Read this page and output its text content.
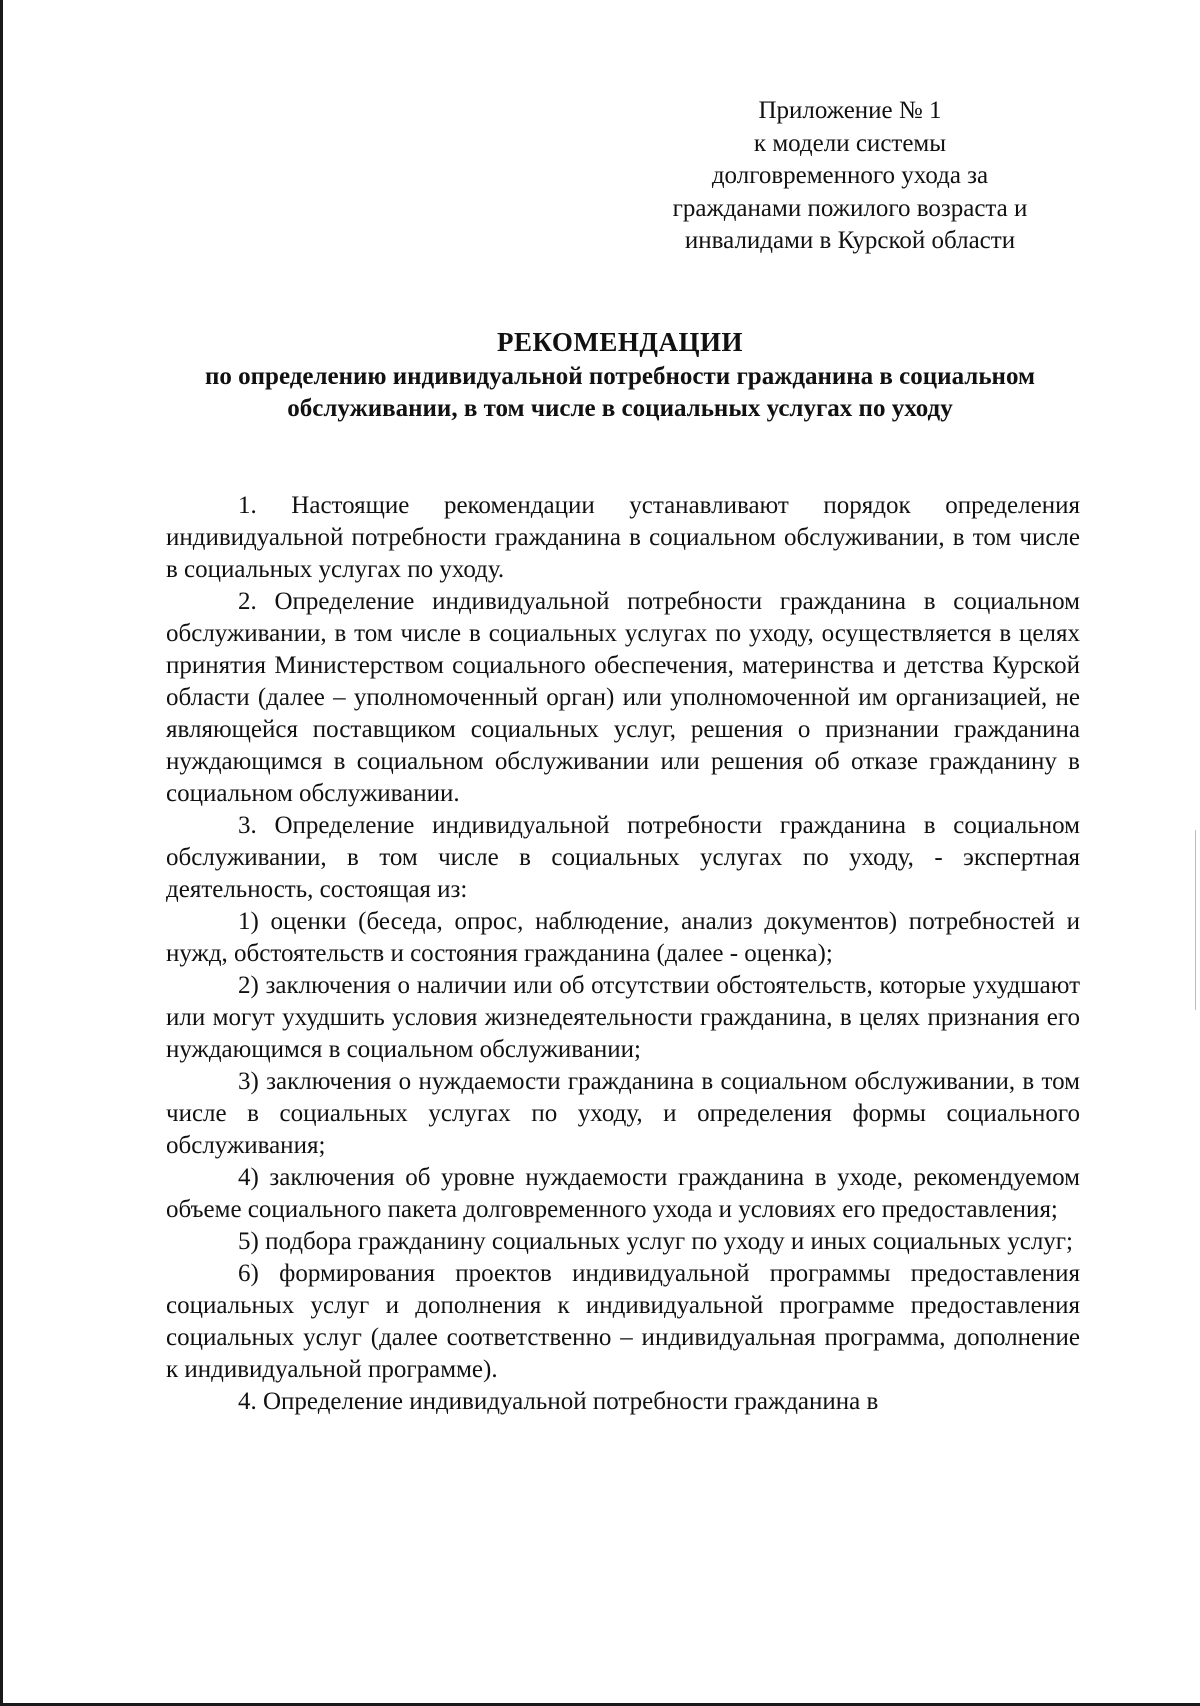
Приложение № 1
к модели системы
долговременного ухода за
гражданами пожилого возраста и
инвалидами в Курской области
РЕКОМЕНДАЦИИ
по определению индивидуальной потребности гражданина в социальном обслуживании, в том числе в социальных услугах по уходу

1. Настоящие рекомендации устанавливают порядок определения индивидуальной потребности гражданина в социальном обслуживании, в том числе в социальных услугах по уходу.

2. Определение индивидуальной потребности гражданина в социальном обслуживании, в том числе в социальных услугах по уходу, осуществляется в целях принятия Министерством социального обеспечения, материнства и детства Курской области (далее – уполномоченный орган) или уполномоченной им организацией, не являющейся поставщиком социальных услуг, решения о признании гражданина нуждающимся в социальном обслуживании или решения об отказе гражданину в социальном обслуживании.

3. Определение индивидуальной потребности гражданина в социальном обслуживании, в том числе в социальных услугах по уходу, - экспертная деятельность, состоящая из:

1) оценки (беседа, опрос, наблюдение, анализ документов) потребностей и нужд, обстоятельств и состояния гражданина (далее - оценка);

2) заключения о наличии или об отсутствии обстоятельств, которые ухудшают или могут ухудшить условия жизнедеятельности гражданина, в целях признания его нуждающимся в социальном обслуживании;

3) заключения о нуждаемости гражданина в социальном обслуживании, в том числе в социальных услугах по уходу, и определения формы социального обслуживания;

4) заключения об уровне нуждаемости гражданина в уходе, рекомендуемом объеме социального пакета долговременного ухода и условиях его предоставления;

5) подбора гражданину социальных услуг по уходу и иных социальных услуг;

6) формирования проектов индивидуальной программы предоставления социальных услуг и дополнения к индивидуальной программе предоставления социальных услуг (далее соответственно – индивидуальная программа, дополнение к индивидуальной программе).

4. Определение индивидуальной потребности гражданина в
